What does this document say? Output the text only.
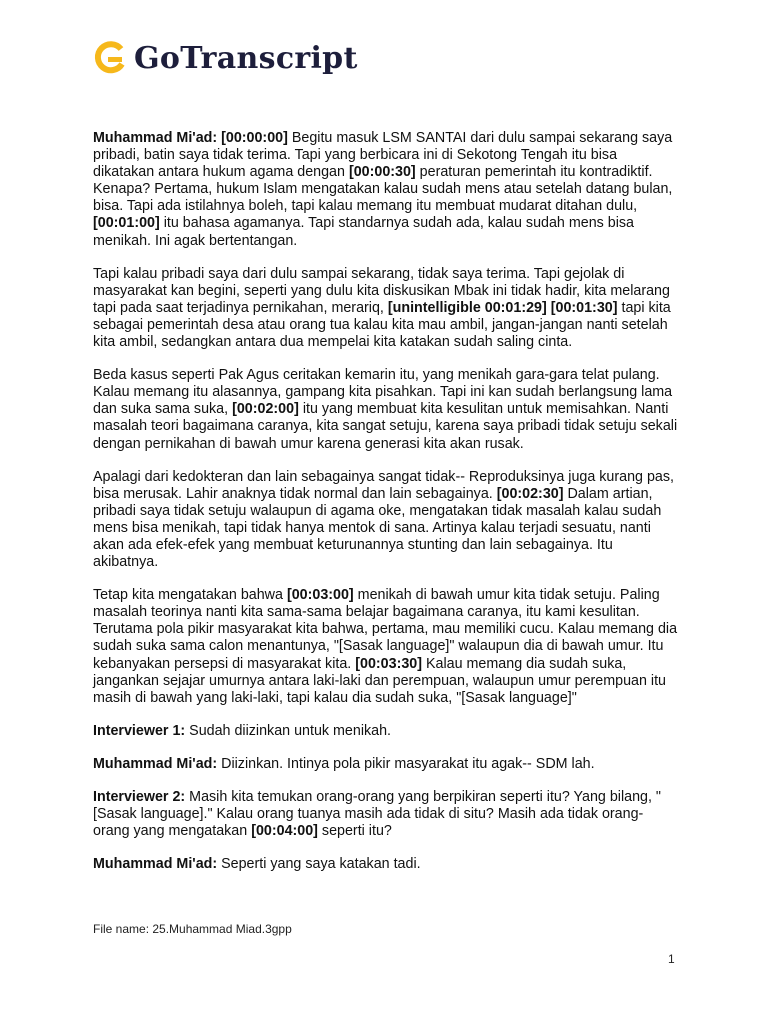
GoTranscript

Muhammad Mi'ad: [00:00:00] Begitu masuk LSM SANTAI dari dulu sampai sekarang saya pribadi, batin saya tidak terima. Tapi yang berbicara ini di Sekotong Tengah itu bisa dikatakan antara hukum agama dengan [00:00:30] peraturan pemerintah itu kontradiktif. Kenapa? Pertama, hukum Islam mengatakan kalau sudah mens atau setelah datang bulan, bisa. Tapi ada istilahnya boleh, tapi kalau memang itu membuat mudarat ditahan dulu, [00:01:00] itu bahasa agamanya. Tapi standarnya sudah ada, kalau sudah mens bisa menikah. Ini agak bertentangan.

Tapi kalau pribadi saya dari dulu sampai sekarang, tidak saya terima. Tapi gejolak di masyarakat kan begini, seperti yang dulu kita diskusikan Mbak ini tidak hadir, kita melarang tapi pada saat terjadinya pernikahan, merariq, [unintelligible 00:01:29] [00:01:30] tapi kita sebagai pemerintah desa atau orang tua kalau kita mau ambil, jangan-jangan nanti setelah kita ambil, sedangkan antara dua mempelai kita katakan sudah saling cinta.

Beda kasus seperti Pak Agus ceritakan kemarin itu, yang menikah gara-gara telat pulang. Kalau memang itu alasannya, gampang kita pisahkan. Tapi ini kan sudah berlangsung lama dan suka sama suka, [00:02:00] itu yang membuat kita kesulitan untuk memisahkan. Nanti masalah teori bagaimana caranya, kita sangat setuju, karena saya pribadi tidak setuju sekali dengan pernikahan di bawah umur karena generasi kita akan rusak.

Apalagi dari kedokteran dan lain sebagainya sangat tidak-- Reproduksinya juga kurang pas, bisa merusak. Lahir anaknya tidak normal dan lain sebagainya. [00:02:30] Dalam artian, pribadi saya tidak setuju walaupun di agama oke, mengatakan tidak masalah kalau sudah mens bisa menikah, tapi tidak hanya mentok di sana. Artinya kalau terjadi sesuatu, nanti akan ada efek-efek yang membuat keturunannya stunting dan lain sebagainya. Itu akibatnya.

Tetap kita mengatakan bahwa [00:03:00] menikah di bawah umur kita tidak setuju. Paling masalah teorinya nanti kita sama-sama belajar bagaimana caranya, itu kami kesulitan. Terutama pola pikir masyarakat kita bahwa, pertama, mau memiliki cucu. Kalau memang dia sudah suka sama calon menantunya, "[Sasak language]" walaupun dia di bawah umur. Itu kebanyakan persepsi di masyarakat kita. [00:03:30] Kalau memang dia sudah suka, jangankan sejajar umurnya antara laki-laki dan perempuan, walaupun umur perempuan itu masih di bawah yang laki-laki, tapi kalau dia sudah suka, "[Sasak language]"

Interviewer 1: Sudah diizinkan untuk menikah.

Muhammad Mi'ad: Diizinkan. Intinya pola pikir masyarakat itu agak-- SDM lah.

Interviewer 2: Masih kita temukan orang-orang yang berpikiran seperti itu? Yang bilang, "[Sasak language]." Kalau orang tuanya masih ada tidak di situ? Masih ada tidak orang-orang yang mengatakan [00:04:00] seperti itu?

Muhammad Mi'ad: Seperti yang saya katakan tadi.

File name: 25.Muhammad Miad.3gpp
1
